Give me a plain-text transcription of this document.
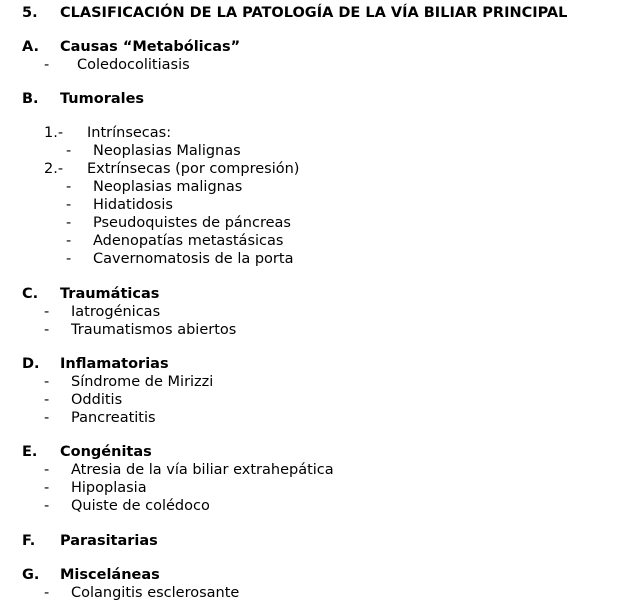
5. CLASIFICACIÓN DE LA PATOLOGÍA DE LA VÍA BILIAR PRINCIPAL
A. Causas “Metabólicas”
- Coledocolitiasis
B. Tumorales
1.- Intrínsecas:
- Neoplasias Malignas
2.- Extrínsecas (por compresión)
- Neoplasias malignas
- Hidatidosis
- Pseudoquistes de páncreas
- Adenopatías metastásicas
- Cavernomatosis de la porta
C. Traumáticas
- Iatrogénicas
- Traumatismos abiertos
D. Inflamatorias
- Síndrome de Mirizzi
- Odditis
- Pancreatitis
E. Congénitas
- Atresia de la vía biliar extrahepática
- Hipoplasia
- Quiste de colédoco
F. Parasitarias
G. Misceláneas
- Colangitis esclerosante
